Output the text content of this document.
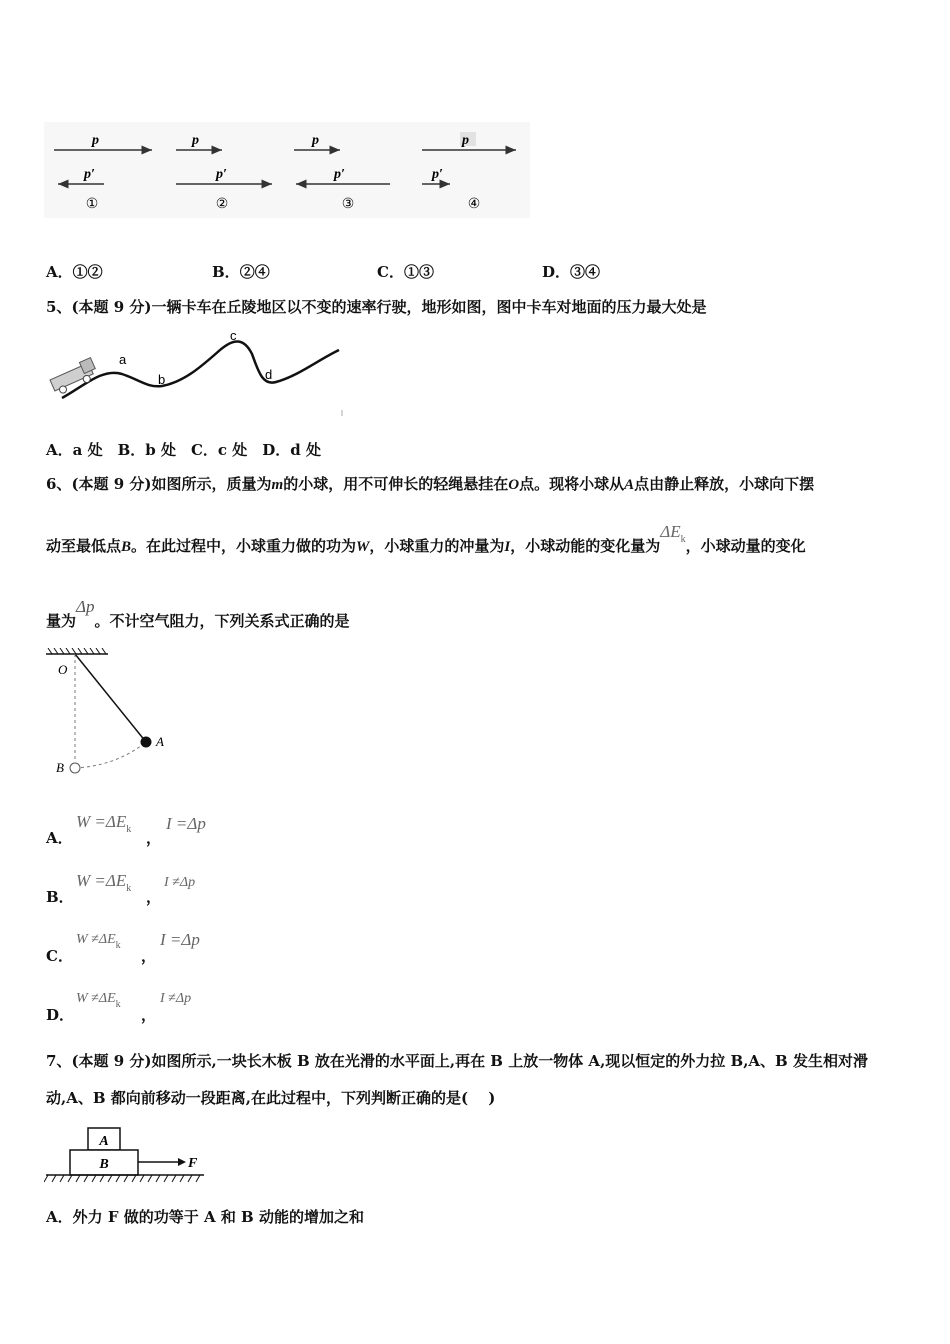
p
p′
①
p
p′
②
p
p′
③
p
p′
④
A．①②	B．②④	C．①③	D．③④
5、(本题 9 分)一辆卡车在丘陵地区以不变的速率行驶，地形如图，图中卡车对地面的压力最大处是
a
b
c
d
A．a 处　B．b 处　C．c 处　D．d 处
6、(本题 9 分)如图所示，质量为m的小球，用不可伸长的轻绳悬挂在O点。现将小球从A点由静止释放，小球向下摆
动至最低点B。在此过程中，小球重力做的功为W，小球重力的冲量为I，小球动能的变化量为$\Delta E_k$，小球动量的变化
量为Δp。不计空气阻力，下列关系式正确的是
O
A
B
A．
$W =\Delta E_k$ ，
I =Δp
B．
$W =\Delta E_k$ ，
I ≠Δp
C．
$W \ne\Delta E_k$
，
I =Δp
D．
$W \ne\Delta E_k$
，
I ≠Δp
7、(本题 9 分)如图所示,一块长木板 B 放在光滑的水平面上,再在 B 上放一物体 A,现以恒定的外力拉 B,A、B 发生相对滑
动,A、B 都向前移动一段距离,在此过程中，下列判断正确的是(　 )
A
B	F
A．外力 F 做的功等于 A 和 B 动能的增加之和
